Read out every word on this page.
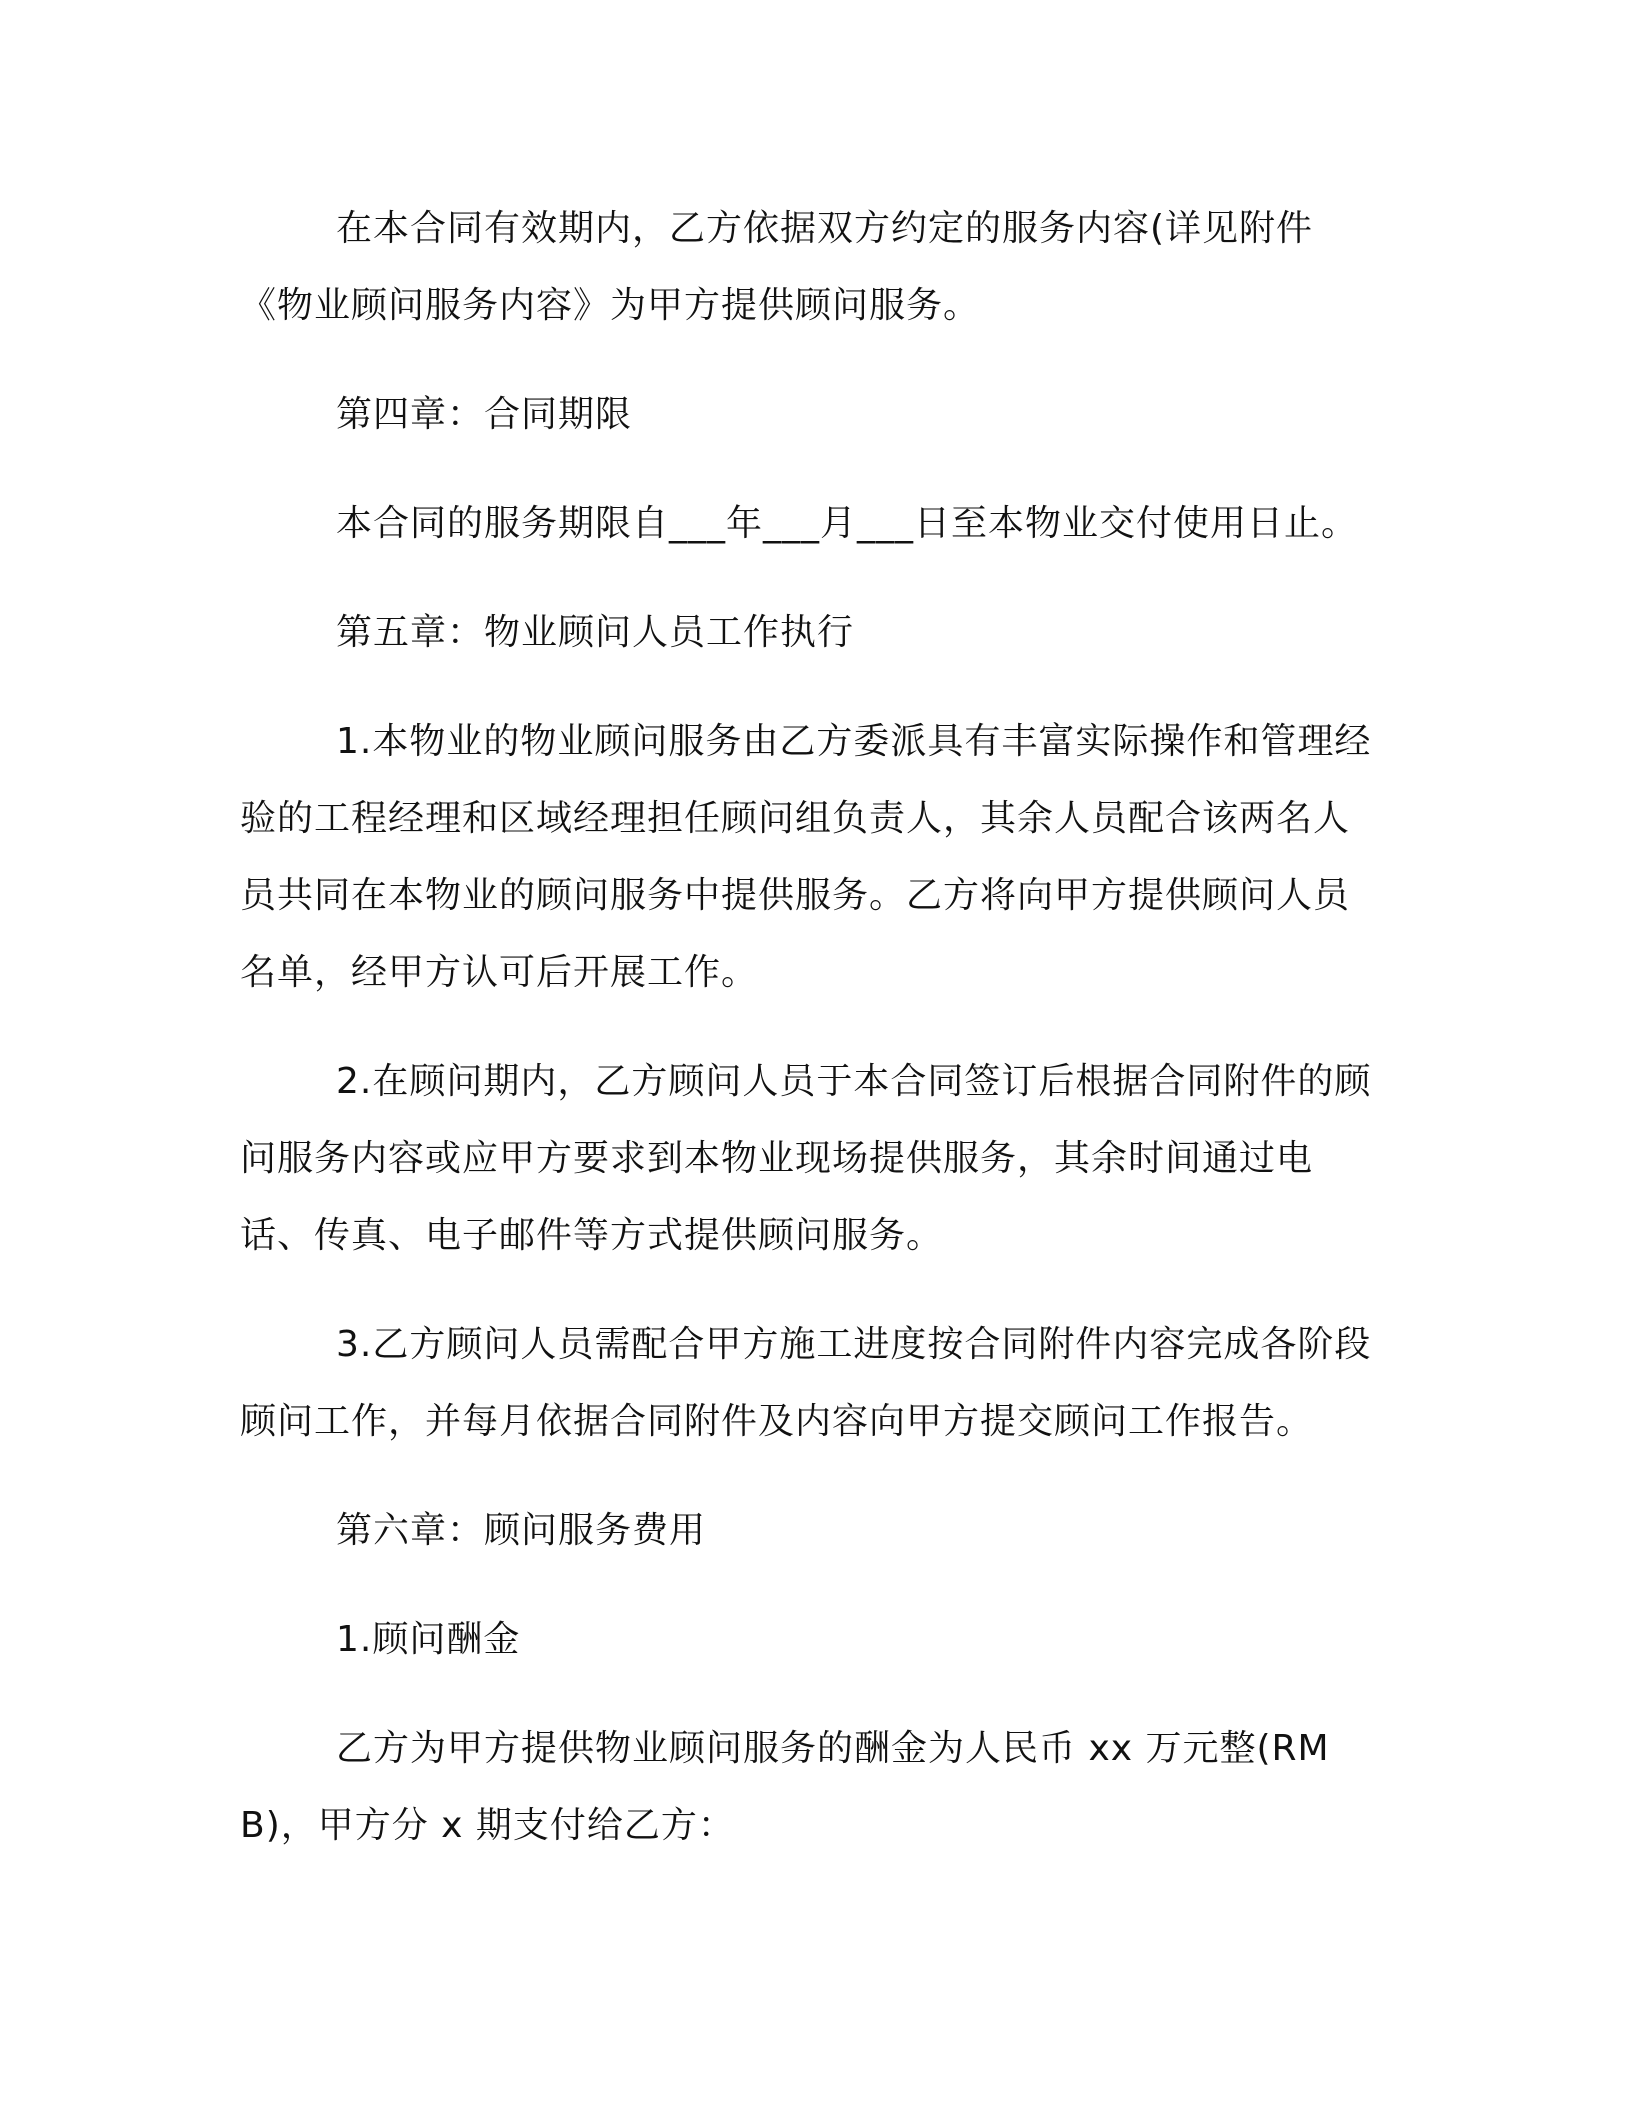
在本合同有效期内，乙方依据双方约定的服务内容(详见附件《物业顾问服务内容》为甲方提供顾问服务。

第四章：合同期限

本合同的服务期限自___年___月___日至本物业交付使用日止。

第五章：物业顾问人员工作执行

1.本物业的物业顾问服务由乙方委派具有丰富实际操作和管理经验的工程经理和区域经理担任顾问组负责人，其余人员配合该两名人员共同在本物业的顾问服务中提供服务。乙方将向甲方提供顾问人员名单，经甲方认可后开展工作。

2.在顾问期内，乙方顾问人员于本合同签订后根据合同附件的顾问服务内容或应甲方要求到本物业现场提供服务，其余时间通过电话、传真、电子邮件等方式提供顾问服务。

3.乙方顾问人员需配合甲方施工进度按合同附件内容完成各阶段顾问工作，并每月依据合同附件及内容向甲方提交顾问工作报告。

第六章：顾问服务费用

1.顾问酬金

乙方为甲方提供物业顾问服务的酬金为人民币 xx 万元整(RMB)，甲方分 x 期支付给乙方：
